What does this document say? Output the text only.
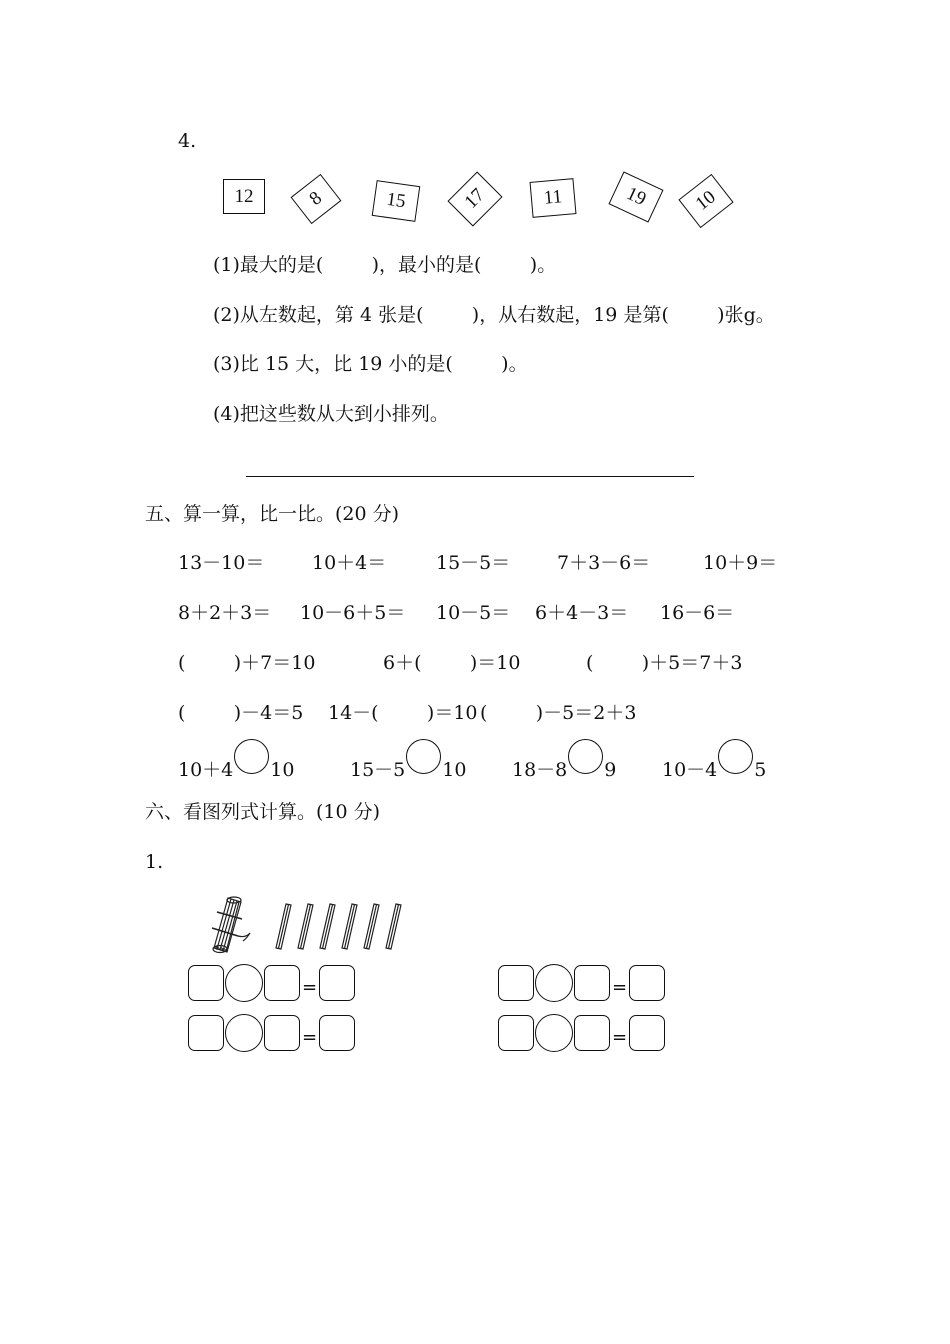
4.
12	8	15	17	11	19	10
(1)最大的是(        )，最小的是(        )。
(2)从左数起，第 4 张是(        )，从右数起，19 是第(        )张g。
(3)比 15 大，比 19 小的是(        )。
(4)把这些数从大到小排列。
五、算一算，比一比。(20 分)
13－10＝	10＋4＝	15－5＝ 7＋3－6＝	10＋9＝
8＋2＋3＝ 10－6＋5＝ 10－5＝ 6＋4－3＝ 16－6＝
(        )＋7＝10	6＋(        )＝10	(        )＋5＝7＋3
(        )－4＝5 14－(        )＝10 (        )－5＝2＋3
10＋4 10	15－5 10 18－8 9 10－4 5
六、看图列式计算。(10 分)
1.
=
=
=
=
